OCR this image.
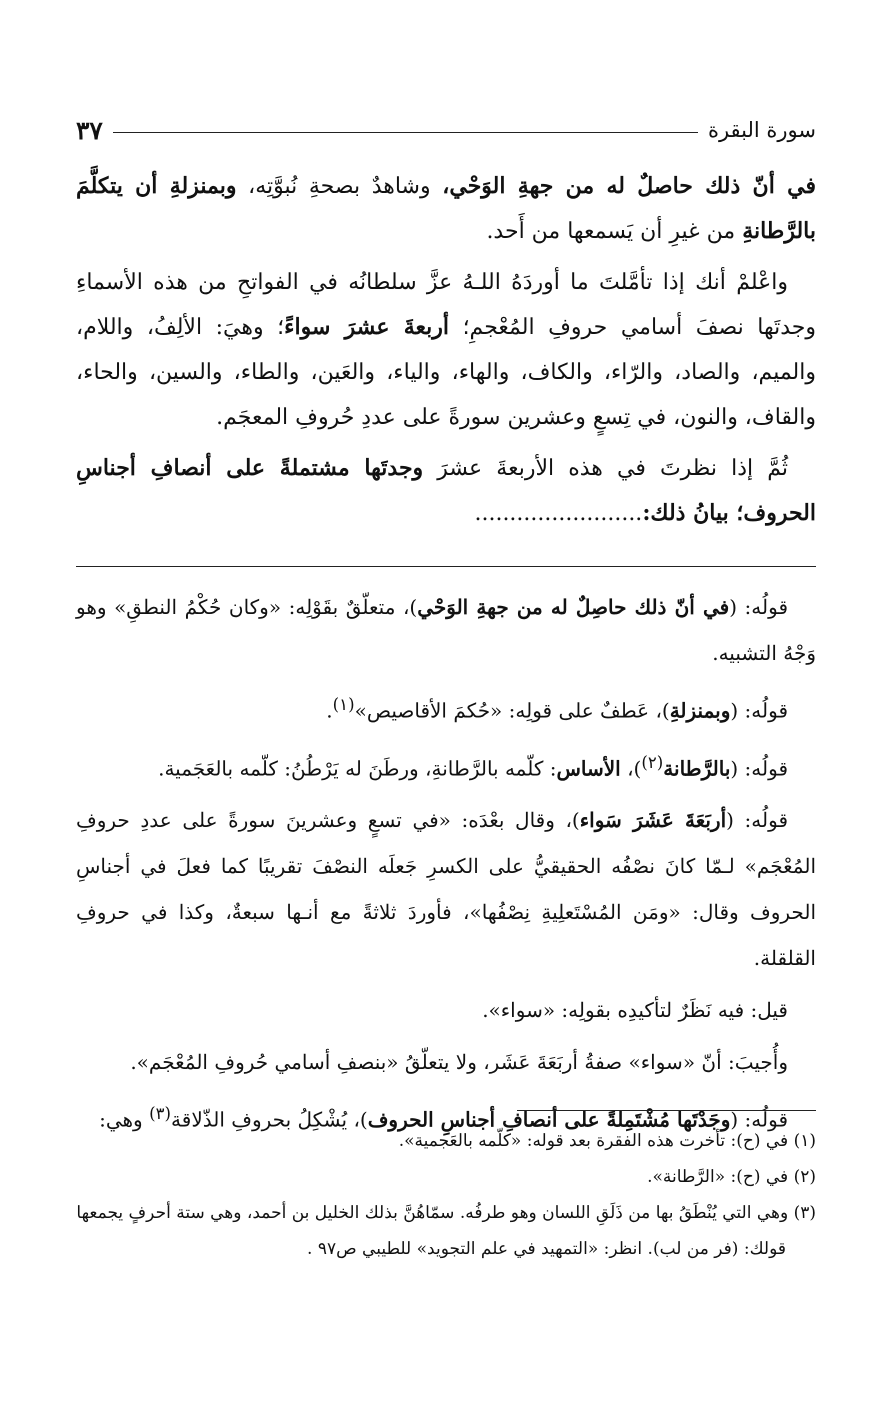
سورة البقرة
٣٧

في أنّ ذلك حاصلٌ له من جهةِ الوَحْي، وشاهدٌ بصحةِ نُبوَّتِه، وبمنزلةِ أن يتكلَّمَ بالرَّطانةِ من غيرِ أن يَسمعها من أَحد.

واعْلمْ أنك إذا تأمَّلتَ ما أوردَهُ اللـهُ عزَّ سلطانُه في الفواتحِ من هذه الأسماءِ وجدتَها نصفَ أسامي حروفِ المُعْجمِ؛ أربعةَ عشرَ سواءً؛ وهيَ: الألِفُ، واللام، والميم، والصاد، والرّاء، والكاف، والهاء، والياء، والعَين، والطاء، والسين، والحاء، والقاف، والنون، في تِسعٍ وعشرين سورةً على عددِ حُروفِ المعجَم.

ثُمَّ إذا نظرتَ في هذه الأربعةَ عشرَ وجدتَها مشتملةً على أنصافِ أجناسِ الحروف؛ بيانُ ذلك:........................

قولُه: (في أنّ ذلك حاصِلٌ له من جهةِ الوَحْي)، متعلّقٌ بقَوْلِه: «وكان حُكْمُ النطقِ» وهو وَجْهُ التشبيه.

قولُه: (وبمنزلةِ)، عَطفٌ على قولِه: «حُكمَ الأقاصيص»$^{(١)}$.

قولُه: (بالرَّطانة$^{(٢)}$)، الأساس: كلّمه بالرَّطانةِ، ورطَنَ له يَرْطُنُ: كلّمه بالعَجَمية.

قولُه: (أربَعَةَ عَشَرَ سَواء)، وقال بعْدَه: «في تسعٍ وعشرينَ سورةً على عددِ حروفِ المُعْجَم» لـمّا كانَ نصْفُه الحقيقيُّ على الكسرِ جَعلَه النصْفَ تقريبًا كما فعلَ في أجناسِ الحروف وقال: «ومَن المُسْتَعلِيةِ نِصْفُها»، فأوردَ ثلاثةً مع أنـها سبعةٌ، وكذا في حروفِ القلقلة.

قيل: فيه نَظَرٌ لتأكيدِه بقولِه: «سواء».

وأُجيبَ: أنّ «سواء» صفةُ أربَعَةَ عَشَر، ولا يتعلّقُ «بنصفِ أسامي حُروفِ المُعْجَم».

قولُه: (وجَدْتَها مُشْتَمِلةً على أنصافِ أجناسِ الحروف)، يُشْكِلُ بحروفِ الذّلاقة$^{(٣)}$ وهي:

(١) في (ح): تأخرت هذه الفقرة بعد قوله: «كلّمه بالعَجمية».

(٢) في (ح): «الرَّطانة».

(٣) وهي التي يُنْطَقُ بها من ذَلَقِ اللسان وهو طرفُه. سمّاهُنَّ بذلك الخليل بن أحمد، وهي ستة أحرفٍ يجمعها

قولك: (فر من لب). انظر: «التمهيد في علم التجويد» للطيبي ص٩٧ .
